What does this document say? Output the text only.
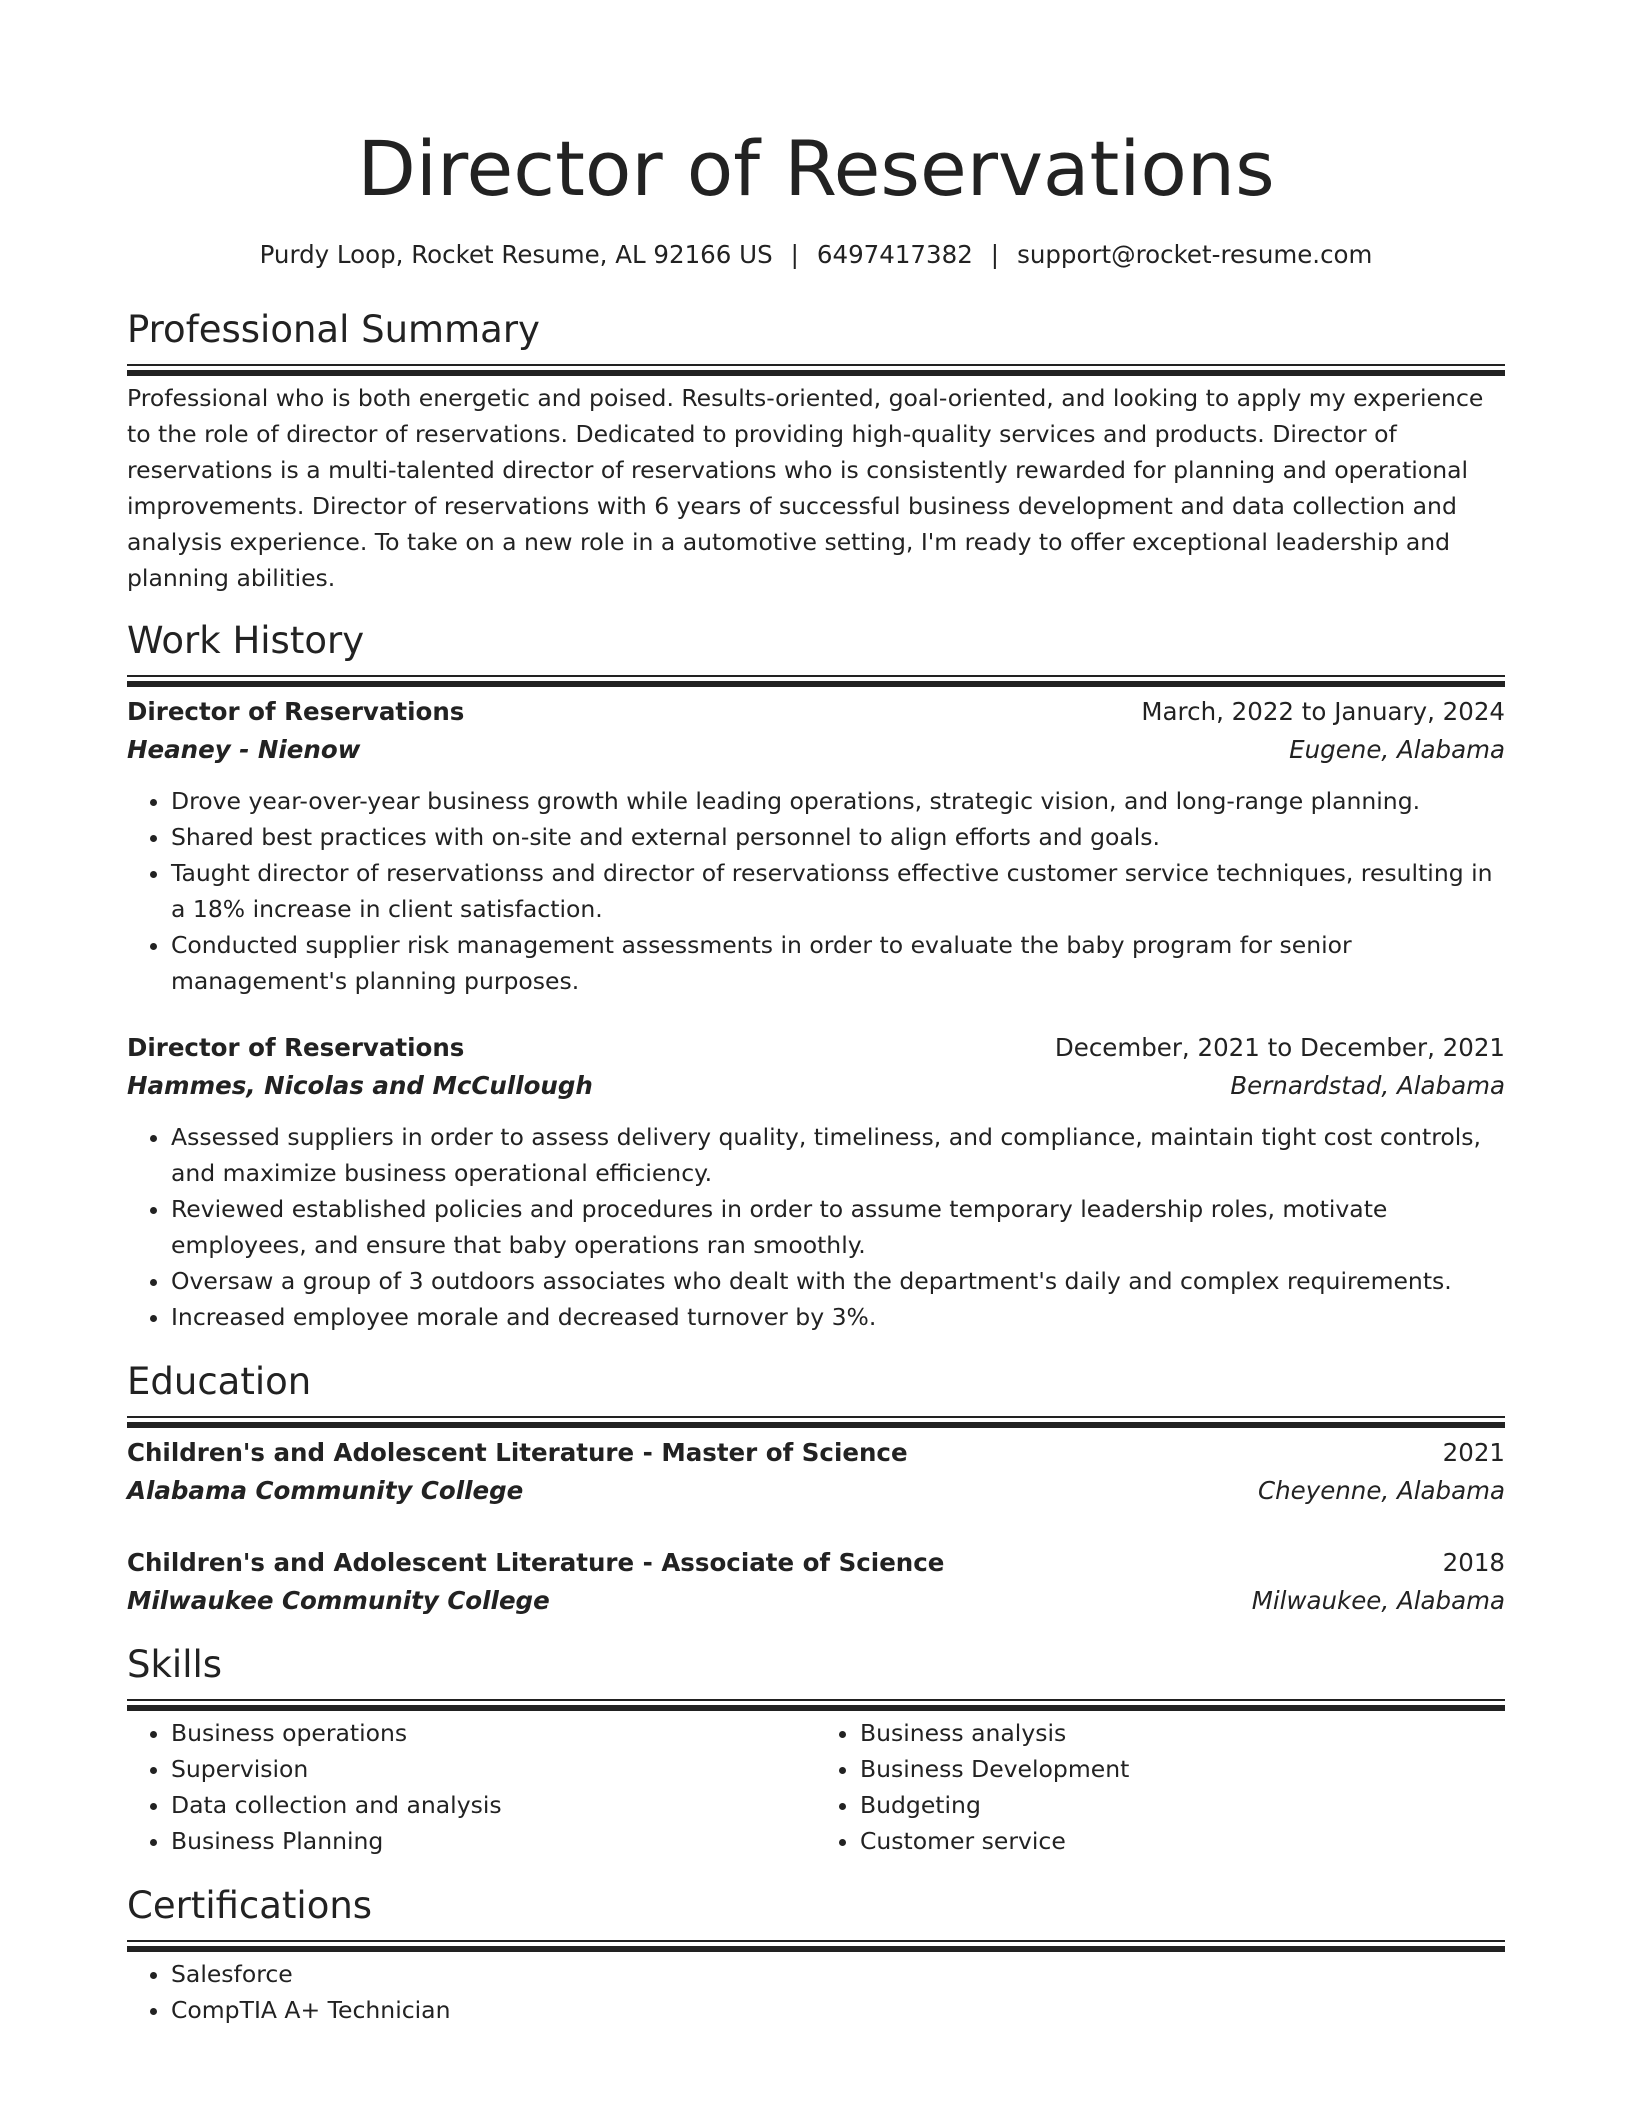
Director of Reservations
Purdy Loop, Rocket Resume, AL 92166 US | 6497417382 | support@rocket-resume.com
Professional Summary

Professional who is both energetic and poised. Results-oriented, goal-oriented, and looking to apply my experience to the role of director of reservations. Dedicated to providing high-quality services and products. Director of reservations is a multi-talented director of reservations who is consistently rewarded for planning and operational improvements. Director of reservations with 6 years of successful business development and data collection and analysis experience. To take on a new role in a automotive setting, I'm ready to offer exceptional leadership and planning abilities.

Work History
Director of Reservations	March, 2022 to January, 2024
Heaney - Nienow	Eugene, Alabama
• Drove year-over-year business growth while leading operations, strategic vision, and long-range planning.
• Shared best practices with on-site and external personnel to align efforts and goals.
• Taught director of reservationss and director of reservationss effective customer service techniques, resulting in a 18% increase in client satisfaction.
• Conducted supplier risk management assessments in order to evaluate the baby program for senior management's planning purposes.
Director of Reservations	December, 2021 to December, 2021
Hammes, Nicolas and McCullough	Bernardstad, Alabama
• Assessed suppliers in order to assess delivery quality, timeliness, and compliance, maintain tight cost controls, and maximize business operational efficiency.
• Reviewed established policies and procedures in order to assume temporary leadership roles, motivate employees, and ensure that baby operations ran smoothly.
• Oversaw a group of 3 outdoors associates who dealt with the department's daily and complex requirements.
• Increased employee morale and decreased turnover by 3%.
Education
Children's and Adolescent Literature - Master of Science	2021
Alabama Community College	Cheyenne, Alabama
Children's and Adolescent Literature - Associate of Science	2018
Milwaukee Community College	Milwaukee, Alabama
Skills
• Business operations
• Supervision
• Data collection and analysis
• Business Planning
• Business analysis
• Business Development
• Budgeting
• Customer service
Certifications
• Salesforce
• CompTIA A+ Technician
